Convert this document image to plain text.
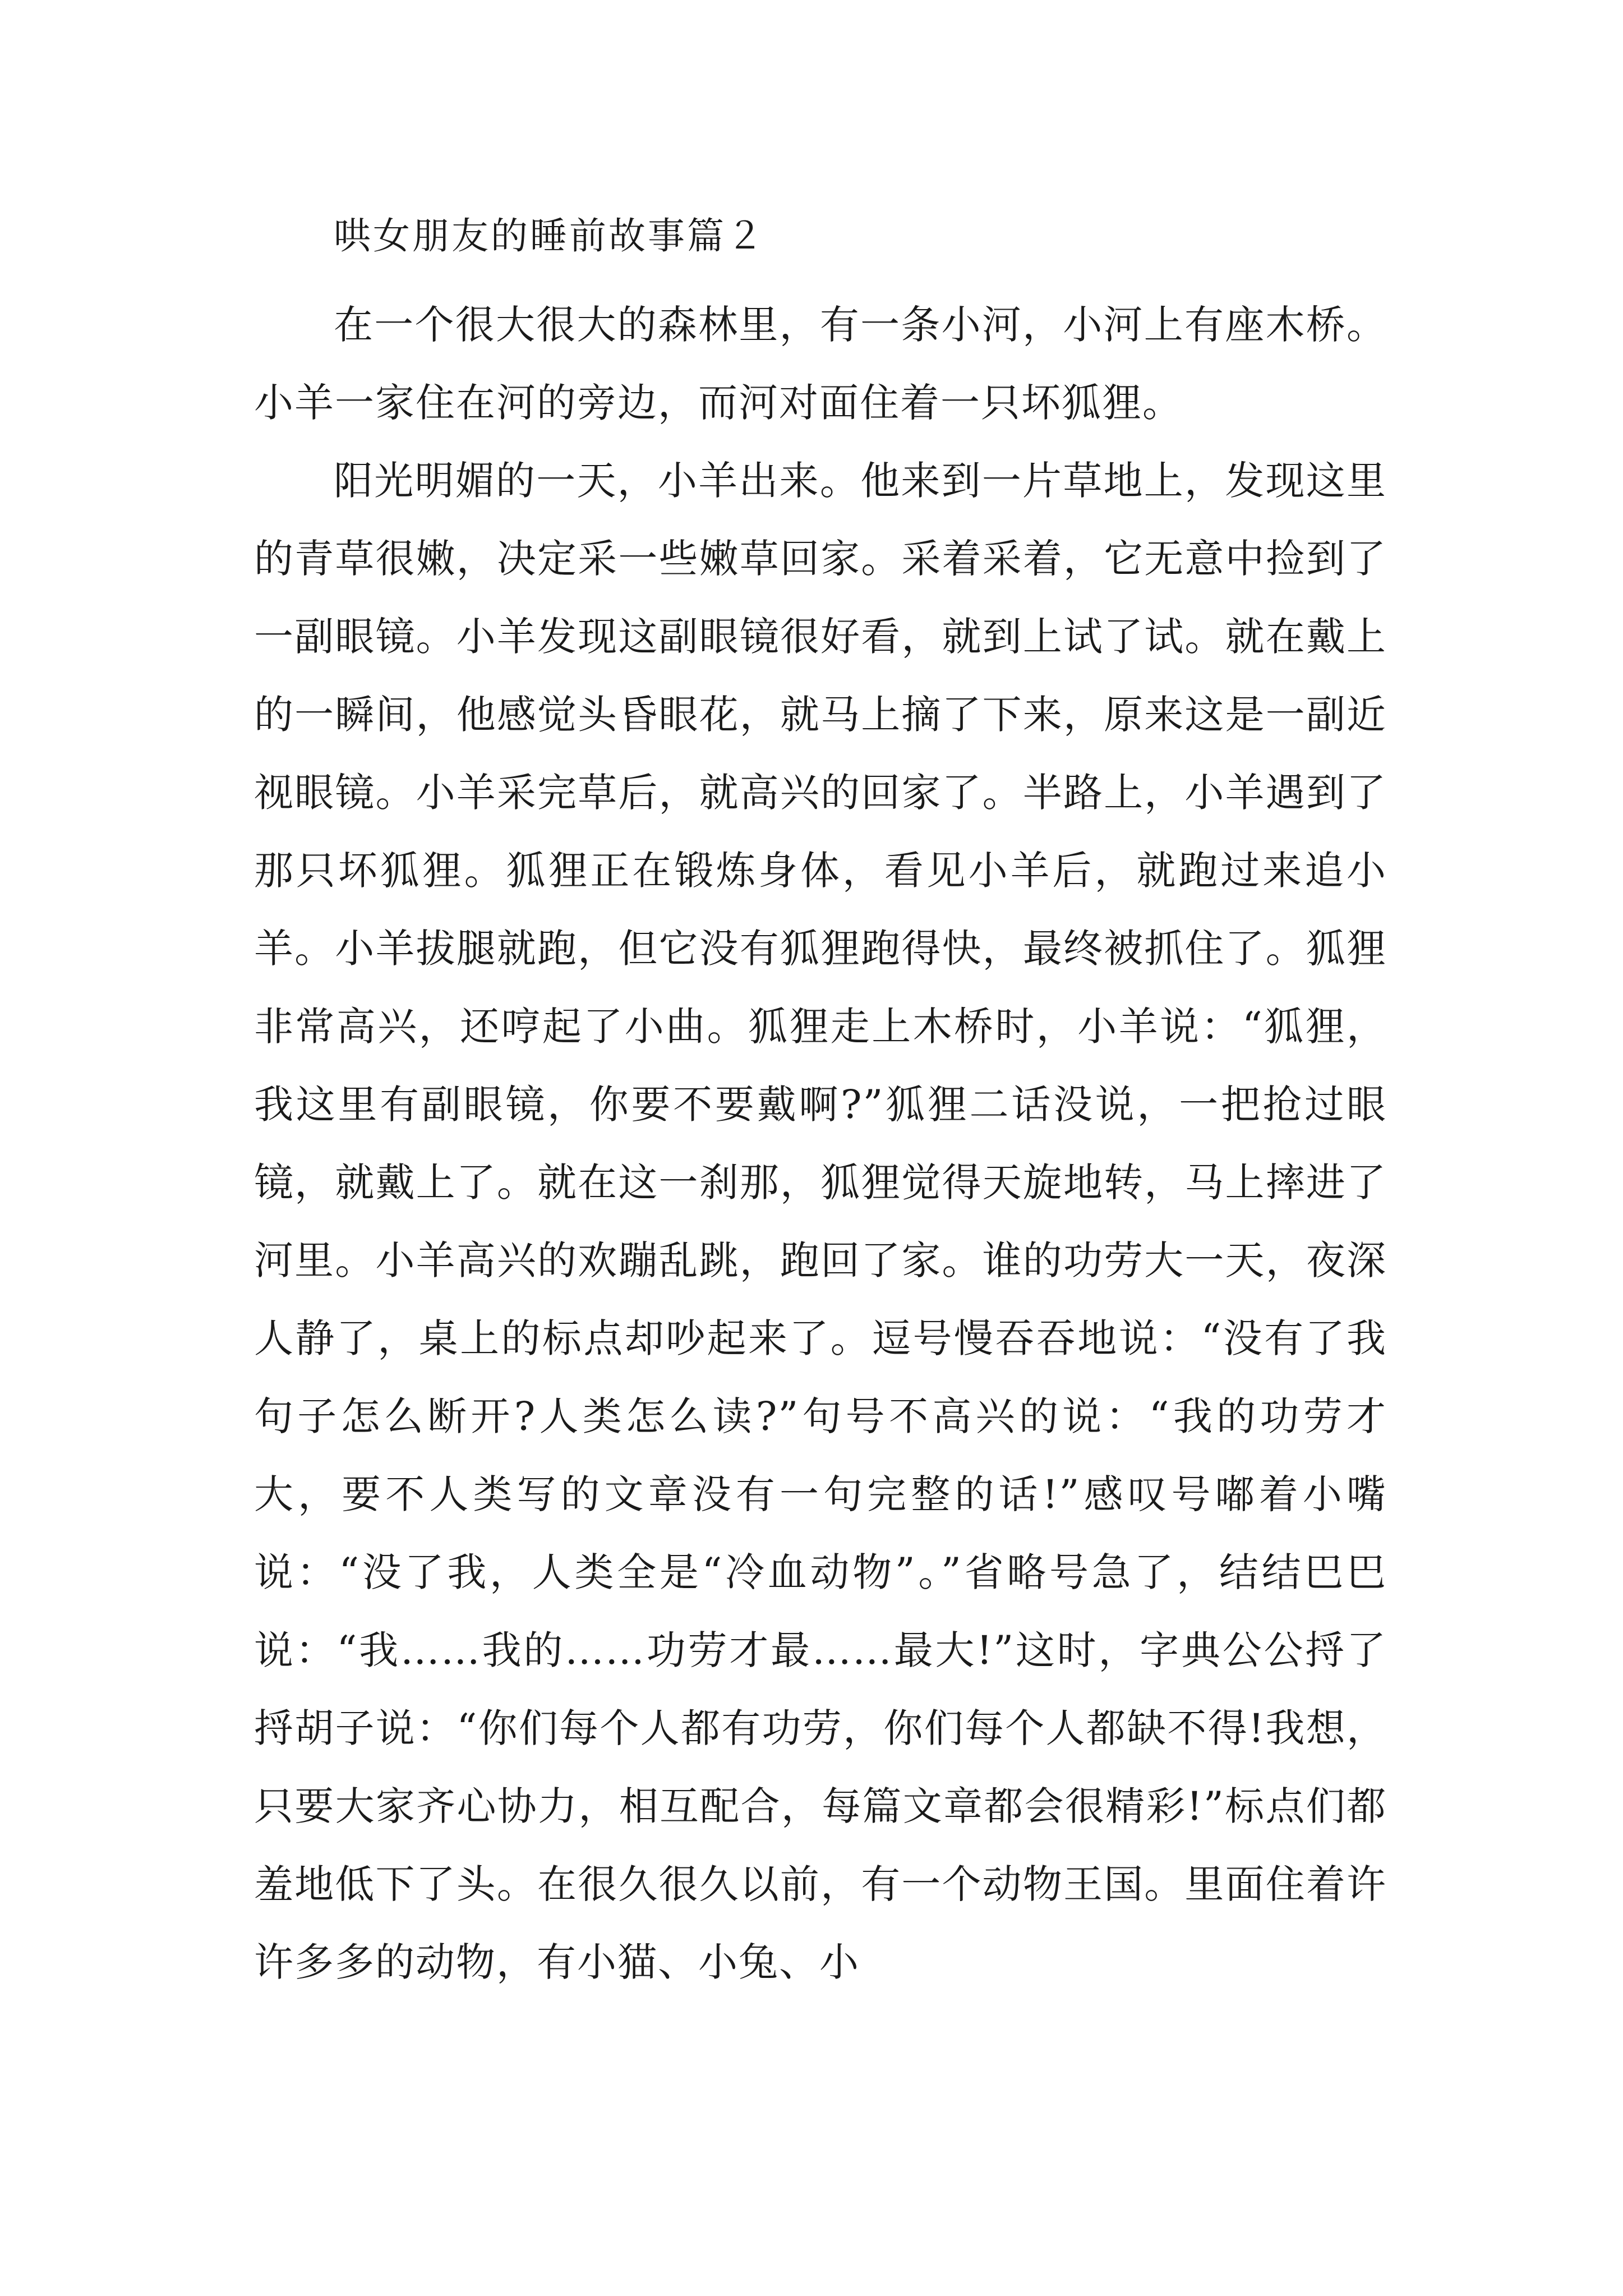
哄女朋友的睡前故事篇２

在一个很大很大的森林里，有一条小河，小河上有座木桥。小羊一家住在河的旁边，而河对面住着一只坏狐狸。

阳光明媚的一天，小羊出来。他来到一片草地上，发现这里的青草很嫩，决定采一些嫩草回家。采着采着，它无意中捡到了一副眼镜。小羊发现这副眼镜很好看，就到上试了试。就在戴上的一瞬间，他感觉头昏眼花，就马上摘了下来，原来这是一副近视眼镜。小羊采完草后，就高兴的回家了。半路上，小羊遇到了那只坏狐狸。狐狸正在锻炼身体，看见小羊后，就跑过来追小羊。小羊拔腿就跑，但它没有狐狸跑得快，最终被抓住了。狐狸非常高兴，还哼起了小曲。狐狸走上木桥时，小羊说：“狐狸，我这里有副眼镜，你要不要戴啊?”狐狸二话没说，一把抢过眼镜，就戴上了。就在这一刹那，狐狸觉得天旋地转，马上摔进了河里。小羊高兴的欢蹦乱跳，跑回了家。谁的功劳大一天，夜深人静了，桌上的标点却吵起来了。逗号慢吞吞地说：“没有了我句子怎么断开?人类怎么读?”句号不高兴的说：“我的功劳才大，要不人类写的文章没有一句完整的话!”感叹号嘟着小嘴说：“没了我，人类全是“冷血动物”。”省略号急了，结结巴巴说：“我……我的……功劳才最……最大!”这时，字典公公捋了捋胡子说：“你们每个人都有功劳，你们每个人都缺不得!我想，只要大家齐心协力，相互配合，每篇文章都会很精彩!”标点们都羞地低下了头。在很久很久以前，有一个动物王国。里面住着许许多多的动物，有小猫、小兔、小
